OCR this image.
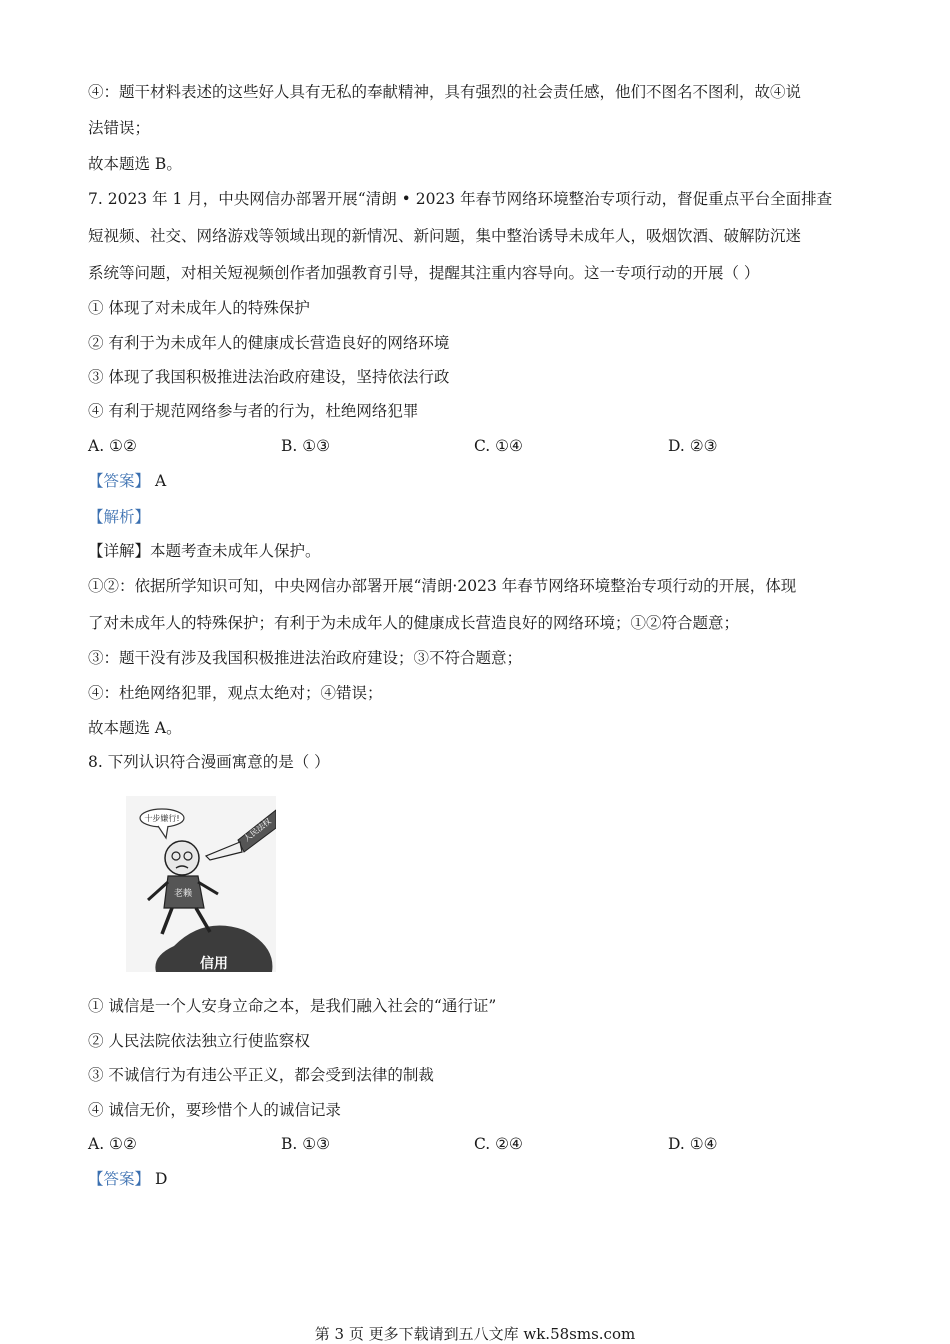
④：题干材料表述的这些好人具有无私的奉献精神，具有强烈的社会责任感，他们不图名不图利，故④说
法错误；
故本题选 B。
7. 2023 年 1 月，中央网信办部署开展“清朗 • 2023 年春节网络环境整治专项行动，督促重点平台全面排查
短视频、社交、网络游戏等领域出现的新情况、新问题，集中整治诱导未成年人，吸烟饮酒、破解防沉迷
系统等问题，对相关短视频创作者加强教育引导，提醒其注重内容导向。这一专项行动的开展（ ）
① 体现了对未成年人的特殊保护
② 有利于为未成年人的健康成长营造良好的网络环境
③ 体现了我国积极推进法治政府建设，坚持依法行政
④ 有利于规范网络参与者的行为，杜绝网络犯罪
A. ①②	B. ①③	C. ①④	D. ②③
【答案】 A
【解析】
【详解】本题考查未成年人保护。
①②：依据所学知识可知，中央网信办部署开展“清朗·2023 年春节网络环境整治专项行动的开展，体现
了对未成年人的特殊保护；有利于为未成年人的健康成长营造良好的网络环境；①②符合题意；
③：题干没有涉及我国积极推进法治政府建设；③不符合题意；
④：杜绝网络犯罪，观点太绝对；④错误；
故本题选 A。
8. 下列认识符合漫画寓意的是（ ）
十步嫌行!
老赖
人民法权
信用
① 诚信是一个人安身立命之本，是我们融入社会的“通行证”
② 人民法院依法独立行使监察权
③ 不诚信行为有违公平正义，都会受到法律的制裁
④ 诚信无价，要珍惜个人的诚信记录
A. ①②	B. ①③	C. ②④	D. ①④
【答案】 D
第 3 页 更多下载请到五八文库 wk.58sms.com
